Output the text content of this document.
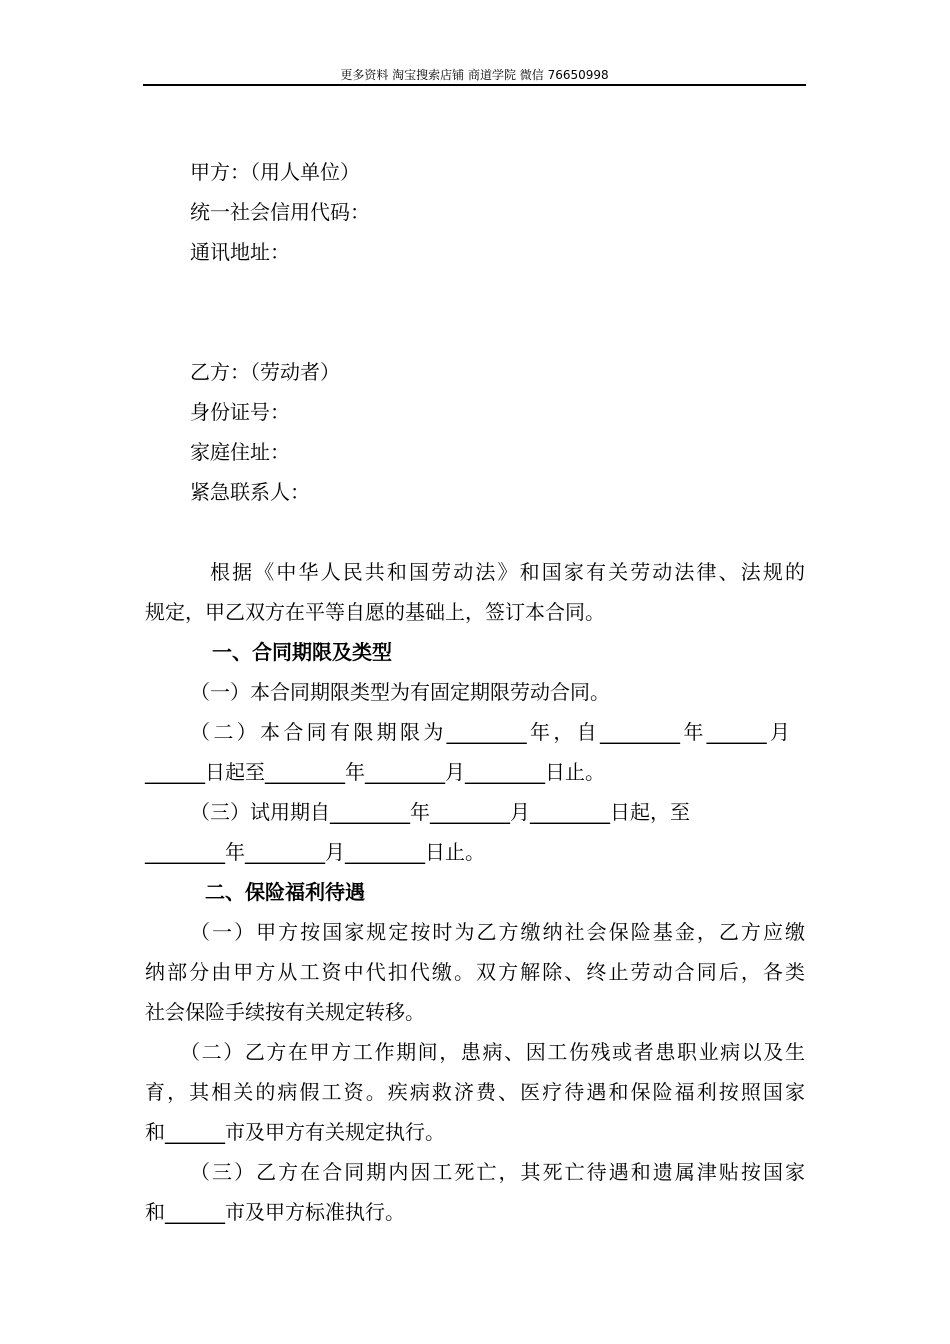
更多资料 淘宝搜索店铺 商道学院 微信 76650998
甲方：（用人单位）
统一社会信用代码：
通讯地址：
乙方：（劳动者）
身份证号：
家庭住址：
紧急联系人：
根据《中华人民共和国劳动法》和国家有关劳动法律、法规的
规定，甲乙双方在平等自愿的基础上，签订本合同。
一、合同期限及类型
（一）本合同期限类型为有固定期限劳动合同。
（二）本合同有限期限为________年，自________年______月
______日起至________年________月________日止。
（三）试用期自________年________月________日起，至
________年________月________日止。
二、保险福利待遇
（一）甲方按国家规定按时为乙方缴纳社会保险基金，乙方应缴
纳部分由甲方从工资中代扣代缴。双方解除、终止劳动合同后，各类
社会保险手续按有关规定转移。
（二）乙方在甲方工作期间，患病、因工伤残或者患职业病以及生
育，其相关的病假工资。疾病救济费、医疗待遇和保险福利按照国家
和______市及甲方有关规定执行。
（三）乙方在合同期内因工死亡，其死亡待遇和遗属津贴按国家
和______市及甲方标准执行。
